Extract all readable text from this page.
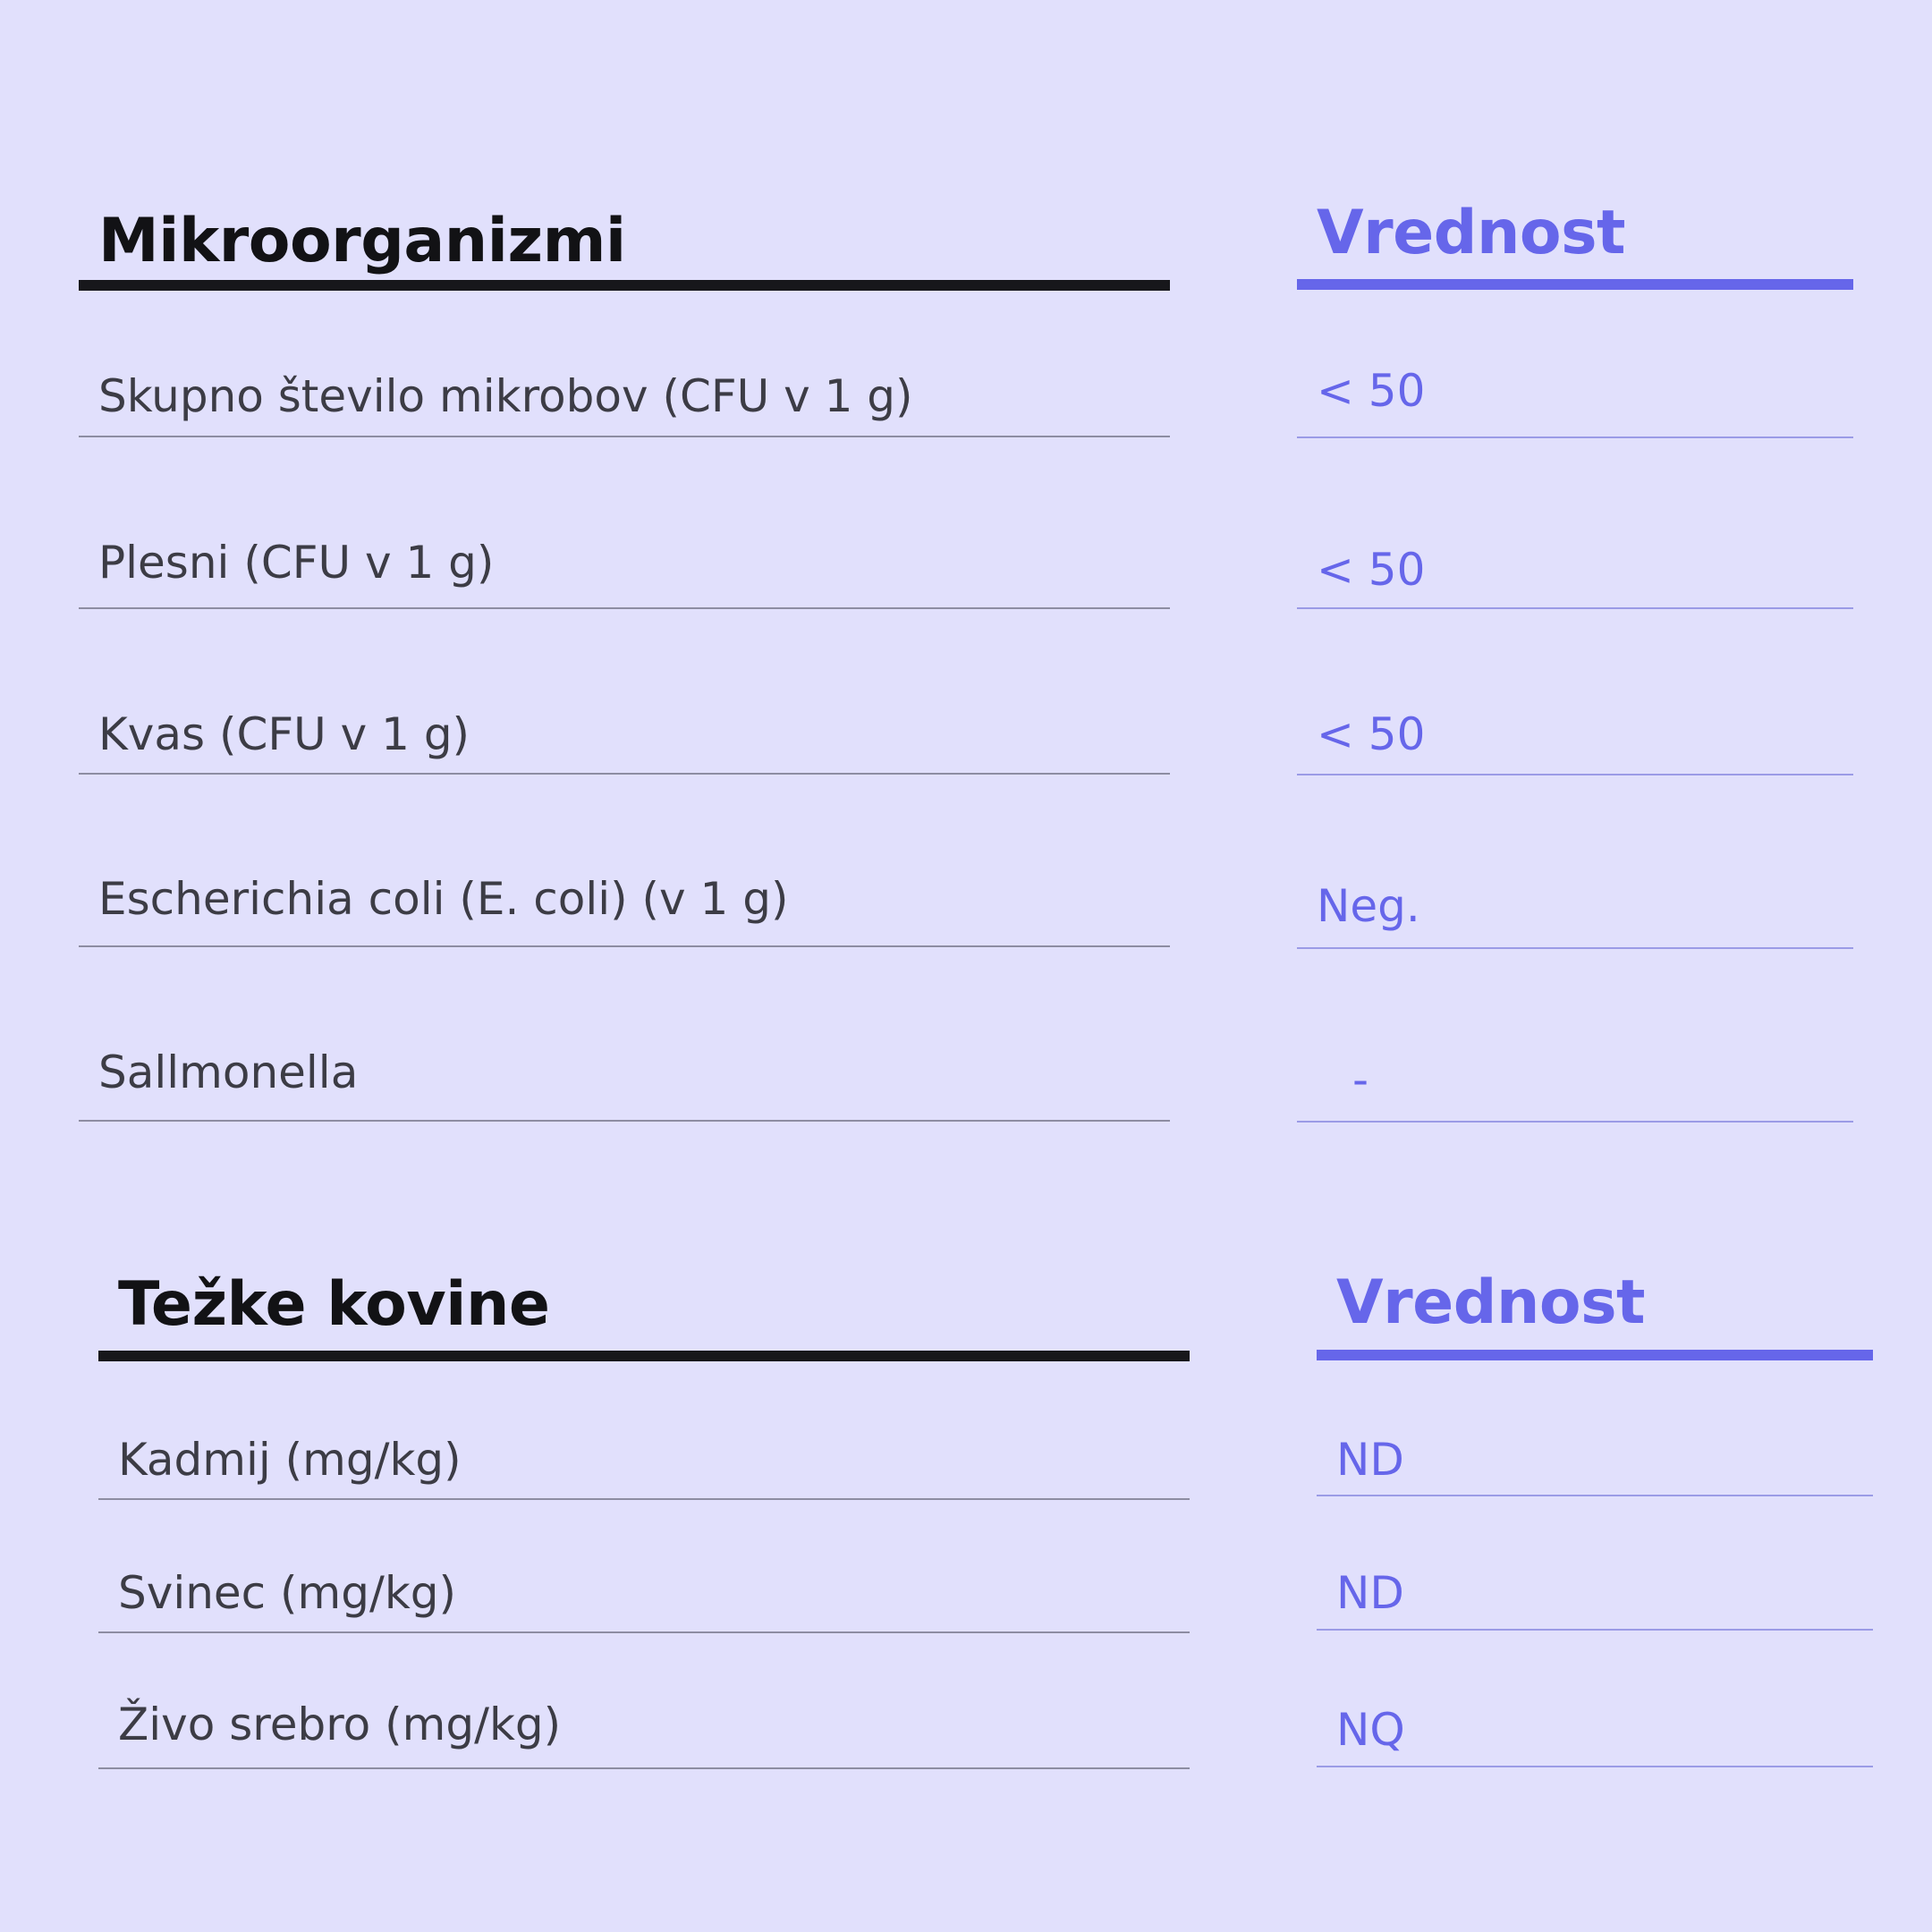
Mikroorganizmi	Vrednost
Skupno število mikrobov (CFU v 1 g)	< 50
Plesni (CFU v 1 g)	< 50
Kvas (CFU v 1 g)	< 50
Escherichia coli (E. coli) (v 1 g)	Neg.
Sallmonella	-
Težke kovine	Vrednost
Kadmij (mg/kg)	ND
Svinec (mg/kg)	ND
Živo srebro (mg/kg)	NQ
